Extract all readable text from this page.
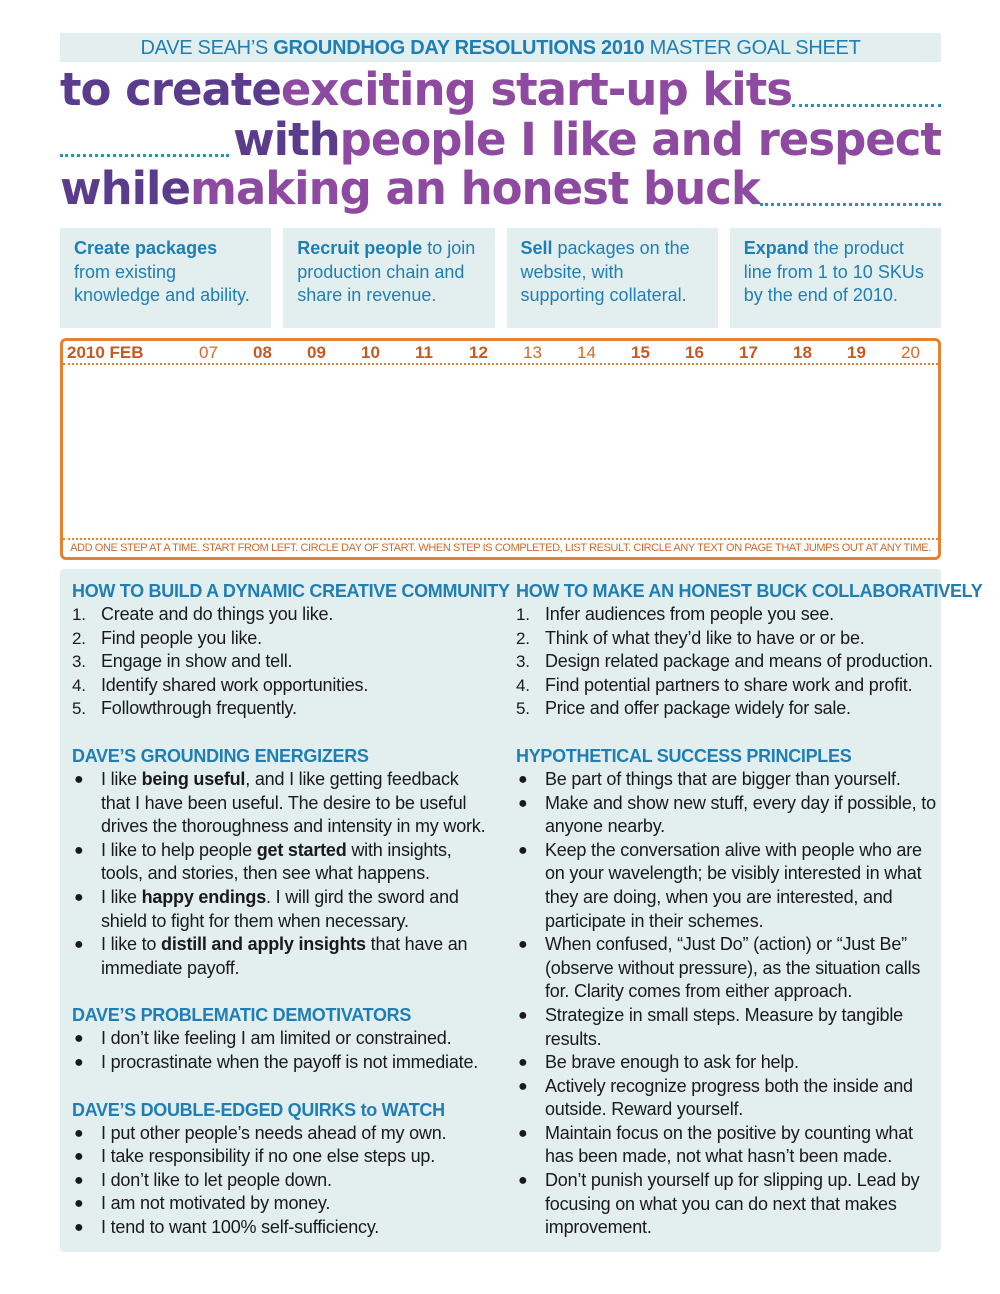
DAVE SEAH’S GROUNDHOG DAY RESOLUTIONS 2010 MASTER GOAL SHEET
to create exciting start-up kits
with people I like and respect
while making an honest buck
Create packages from existing knowledge and ability.
Recruit people to join production chain and share in revenue.
Sell packages on the website, with supporting collateral.
Expand the product line from 1 to 10 SKUs by the end of 2010.
2010 FEB	07 08 09 10 11 12 13 14 15 16 17 18 19 20
ADD ONE STEP AT A TIME. START FROM LEFT. CIRCLE DAY OF START. WHEN STEP IS COMPLETED, LIST RESULT. CIRCLE ANY TEXT ON PAGE THAT JUMPS OUT AT ANY TIME.
HOW TO BUILD A DYNAMIC CREATIVE COMMUNITY
1. Create and do things you like.
2. Find people you like.
3. Engage in show and tell.
4. Identify shared work opportunities.
5. Followthrough frequently.
DAVE’S GROUNDING ENERGIZERS
● I like being useful, and I like getting feedback that I have been useful. The desire to be useful drives the thoroughness and intensity in my work.
● I like to help people get started with insights, tools, and stories, then see what happens.
● I like happy endings. I will gird the sword and shield to fight for them when necessary.
● I like to distill and apply insights that have an immediate payoff.
DAVE’S PROBLEMATIC DEMOTIVATORS
● I don’t like feeling I am limited or constrained.
● I procrastinate when the payoff is not immediate.
DAVE’S DOUBLE-EDGED QUIRKS to WATCH
● I put other people’s needs ahead of my own.
● I take responsibility if no one else steps up.
● I don’t like to let people down.
● I am not motivated by money.
● I tend to want 100% self-sufficiency.
HOW TO MAKE AN HONEST BUCK COLLABORATIVELY
1. Infer audiences from people you see.
2. Think of what they’d like to have or or be.
3. Design related package and means of production.
4. Find potential partners to share work and profit.
5. Price and offer package widely for sale.
HYPOTHETICAL SUCCESS PRINCIPLES
● Be part of things that are bigger than yourself.
● Make and show new stuff, every day if possible, to anyone nearby.
● Keep the conversation alive with people who are on your wavelength; be visibly interested in what they are doing, when you are interested, and participate in their schemes.
● When confused, “Just Do” (action) or “Just Be” (observe without pressure), as the situation calls for. Clarity comes from either approach.
● Strategize in small steps. Measure by tangible results.
● Be brave enough to ask for help.
● Actively recognize progress both the inside and outside. Reward yourself.
● Maintain focus on the positive by counting what has been made, not what hasn’t been made.
● Don’t punish yourself up for slipping up. Lead by focusing on what you can do next that makes improvement.
